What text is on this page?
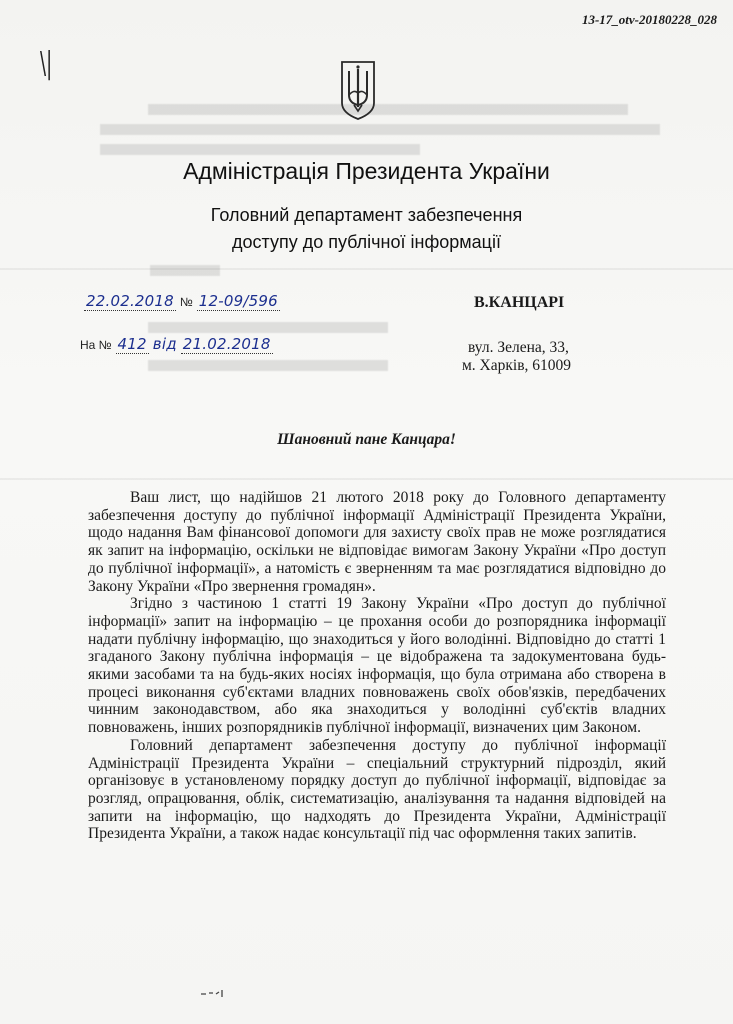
13-17_otv-20180228_028
\|
Адміністрація Президента України
Головний департамент забезпечення
доступу до публічної інформації
22.02.2018 № 12-09/596
На № 412 від 21.02.2018
В.КАНЦАРІ
вул. Зелена, 33,
м. Харків, 61009
Шановний пане Канцара!

Ваш лист, що надійшов 21 лютого 2018 року до Головного департаменту забезпечення доступу до публічної інформації Адміністрації Президента України, щодо надання Вам фінансової допомоги для захисту своїх прав не може розглядатися як запит на інформацію, оскільки не відповідає вимогам Закону України «Про доступ до публічної інформації», а натомість є зверненням та має розглядатися відповідно до Закону України «Про звернення громадян».

Згідно з частиною 1 статті 19 Закону України «Про доступ до публічної інформації» запит на інформацію – це прохання особи до розпорядника інформації надати публічну інформацію, що знаходиться у його володінні. Відповідно до статті 1 згаданого Закону публічна інформація – це відображена та задокументована будь-якими засобами та на будь-яких носіях інформація, що була отримана або створена в процесі виконання суб'єктами владних повноважень своїх обов'язків, передбачених чинним законодавством, або яка знаходиться у володінні суб'єктів владних повноважень, інших розпорядників публічної інформації, визначених цим Законом.

Головний департамент забезпечення доступу до публічної інформації Адміністрації Президента України – спеціальний структурний підрозділ, який організовує в установленому порядку доступ до публічної інформації, відповідає за розгляд, опрацювання, облік, систематизацію, аналізування та надання відповідей на запити на інформацію, що надходять до Президента України, Адміністрації Президента України, а також надає консультації під час оформлення таких запитів.
